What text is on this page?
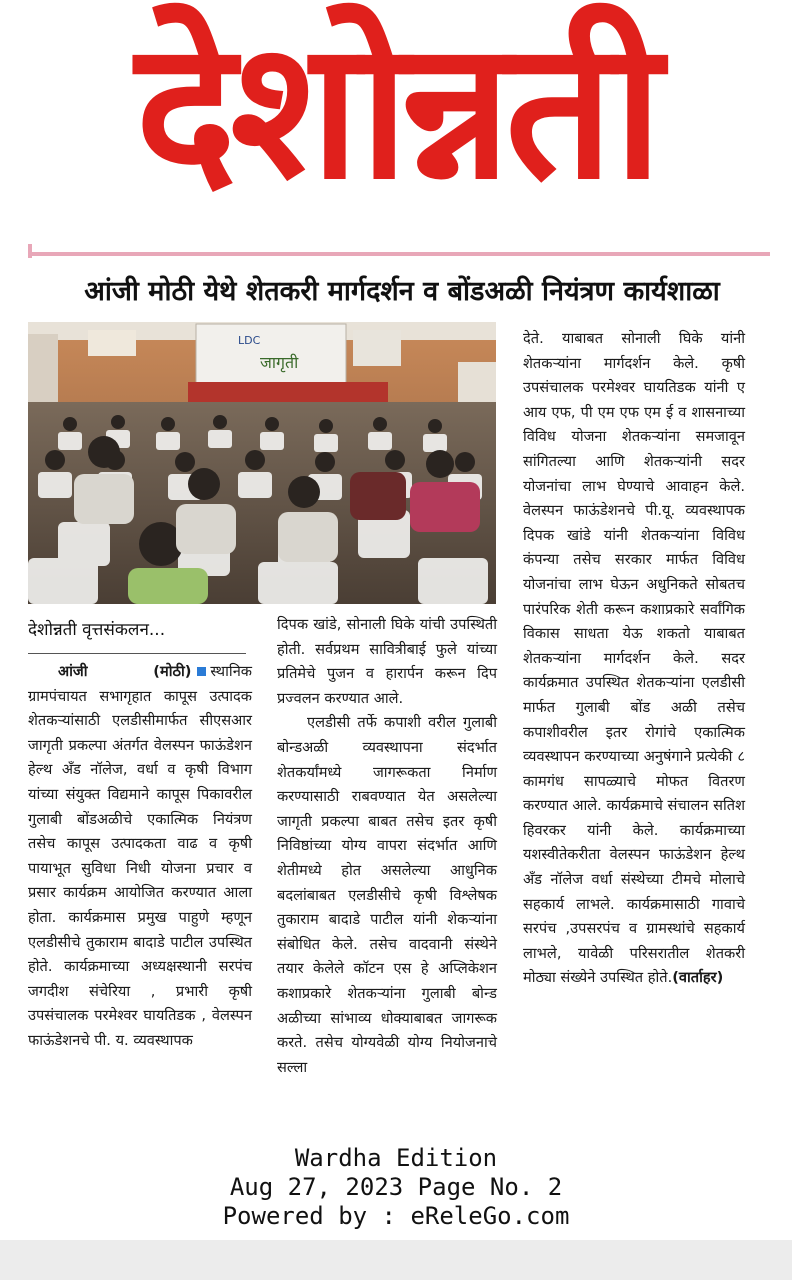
देशोन्नती
आंजी मोठी येथे शेतकरी मार्गदर्शन व बोंडअळी नियंत्रण कार्यशाळा
LDC
जागृती
देशोन्नती वृत्तसंकलन...

आंजी (मोठी) स्थानिक ग्रामपंचायत सभागृहात कापूस उत्पादक शेतकऱ्यांसाठी एलडीसीमार्फत सीएसआर जागृती प्रकल्पा अंतर्गत वेलस्पन फाऊंडेशन हेल्थ अँड नॉलेज, वर्धा व कृषी विभाग यांच्या संयुक्त विद्यमाने कापूस पिकावरील गुलाबी बोंडअळीचे एकात्मिक नियंत्रण तसेच कापूस उत्पादकता वाढ व कृषी पायाभूत सुविधा निधी योजना प्रचार व प्रसार कार्यक्रम आयोजित करण्यात आला होता. कार्यक्रमास प्रमुख पाहुणे म्हणून एलडीसीचे तुकाराम बादाडे पाटील उपस्थित होते. कार्यक्रमाच्या अध्यक्षस्थानी सरपंच जगदीश संचेरिया , प्रभारी कृषी उपसंचालक परमेश्वर घायतिडक , वेलस्पन फाऊंडेशनचे पी. य. व्यवस्थापक

दिपक खांडे, सोनाली घिके यांची उपस्थिती होती. सर्वप्रथम सावित्रीबाई फुले यांच्या प्रतिमेचे पुजन व हारार्पन करून दिप प्रज्वलन करण्यात आले.

एलडीसी तर्फे कपाशी वरील गुलाबी बोन्डअळी व्यवस्थापना संदर्भात शेतकर्यांमध्ये जागरूकता निर्माण करण्यासाठी राबवण्यात येत असलेल्या जागृती प्रकल्पा बाबत तसेच इतर कृषी निविष्ठांच्या योग्य वापरा संदर्भात आणि शेतीमध्ये होत असलेल्या आधुनिक बदलांबाबत एलडीसीचे कृषी विश्लेषक तुकाराम बादाडे पाटील यांनी शेकऱ्यांना संबोधित केले. तसेच वादवानी संस्थेने तयार केलेले कॉटन एस हे अप्लिकेशन कशाप्रकारे शेतकऱ्यांना गुलाबी बोन्ड अळीच्या सांभाव्य धोक्याबाबत जागरूक करते. तसेच योग्यवेळी योग्य नियोजनाचे सल्ला

देते. याबाबत सोनाली घिके यांनी शेतकऱ्यांना मार्गदर्शन केले. कृषी उपसंचालक परमेश्वर घायतिडक यांनी ए आय एफ, पी एम एफ एम ई व शासनाच्या विविध योजना शेतकऱ्यांना समजावून सांगितल्या आणि शेतकऱ्यांनी सदर योजनांचा लाभ घेण्याचे आवाहन केले. वेलस्पन फाऊंडेशनचे पी.यू. व्यवस्थापक दिपक खांडे यांनी शेतकऱ्यांना विविध कंपन्या तसेच सरकार मार्फत विविध योजनांचा लाभ घेऊन अधुनिकते सोबतच पारंपरिक शेती करून कशाप्रकारे सर्वांगिक विकास साधता येऊ शकतो याबाबत शेतकऱ्यांना मार्गदर्शन केले. सदर कार्यक्रमात उपस्थित शेतकऱ्यांना एलडीसी मार्फत गुलाबी बोंड अळी तसेच कपाशीवरील इतर रोगांचे एकात्मिक व्यवस्थापन करण्याच्या अनुषंगाने प्रत्येकी ८ कामगंध सापळ्याचे मोफत वितरण करण्यात आले. कार्यक्रमाचे संचालन सतिश हिवरकर यांनी केले. कार्यक्रमाच्या यशस्वीतेकरीता वेलस्पन फाऊंडेशन हेल्थ अँड नॉलेज वर्धा संस्थेच्या टीमचे मोलाचे सहकार्य लाभले. कार्यक्रमासाठी गावाचे सरपंच ,उपसरपंच व ग्रामस्थांचे सहकार्य लाभले, यावेळी परिसरातील शेतकरी मोठ्या संख्येने उपस्थित होते.(वार्ताहर)

Wardha Edition
Aug 27, 2023 Page No. 2
Powered by : eReleGo.com
